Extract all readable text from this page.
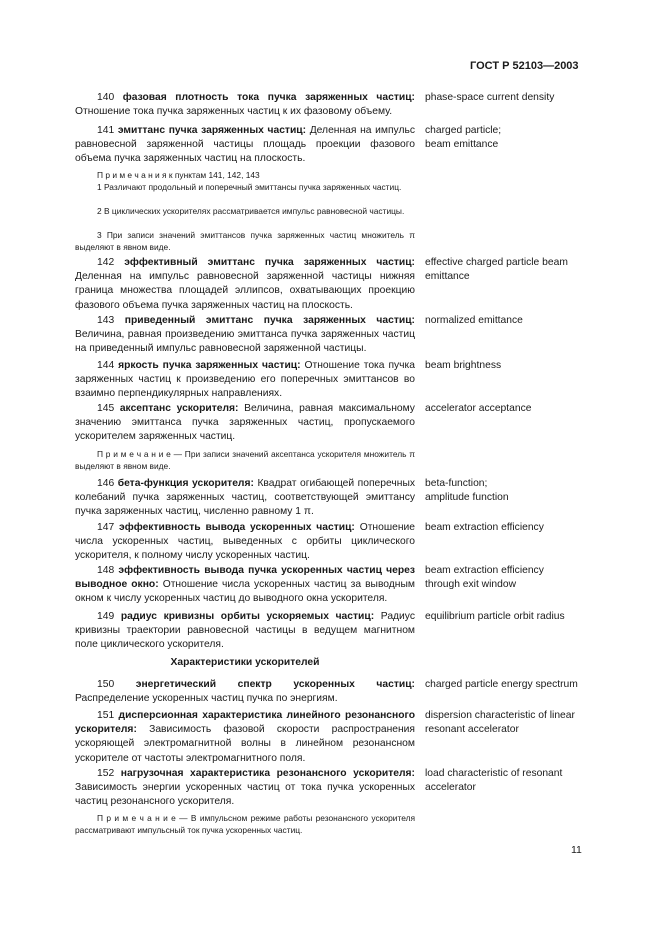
ГОСТ Р 52103—2003
140 фазовая плотность тока пучка заряженных частиц: Отношение тока пучка заряженных частиц к их фазовому объему.
phase-space current density
141 эмиттанс пучка заряженных частиц: Деленная на импульс равновесной заряженной частицы площадь проекции фазового объема пучка заряженных частиц на плоскость.
charged particle;
beam emittance
П р и м е ч а н и я к пунктам 141, 142, 143
1 Различают продольный и поперечный эмиттансы пучка заряженных частиц.
2 В циклических ускорителях рассматривается импульс равновесной частицы.
3 При записи значений эмиттансов пучка заряженных частиц множитель π выделяют в явном виде.
142 эффективный эмиттанс пучка заряженных частиц: Деленная на импульс равновесной заряженной частицы нижняя граница множества площадей эллипсов, охватывающих проекцию фазового объема пучка заряженных частиц на плоскость.
effective charged particle beam emittance
143 приведенный эмиттанс пучка заряженных частиц: Величина, равная произведению эмиттанса пучка заряженных частиц на приведенный импульс равновесной заряженной частицы.
normalized emittance
144 яркость пучка заряженных частиц: Отношение тока пучка заряженных частиц к произведению его поперечных эмиттансов во взаимно перпендикулярных направлениях.
beam brightness
145 аксептанс ускорителя: Величина, равная максимальному значению эмиттанса пучка заряженных частиц, пропускаемого ускорителем заряженных частиц.
accelerator acceptance
П р и м е ч а н и е — При записи значений аксептанса ускорителя множитель π выделяют в явном виде.
146 бета-функция ускорителя: Квадрат огибающей поперечных колебаний пучка заряженных частиц, соответствующей эмиттансу пучка заряженных частиц, численно равному 1 π.
beta-function;
amplitude function
147 эффективность вывода ускоренных частиц: Отношение числа ускоренных частиц, выведенных с орбиты циклического ускорителя, к полному числу ускоренных частиц.
beam extraction efficiency
148 эффективность вывода пучка ускоренных частиц через выводное окно: Отношение числа ускоренных частиц за выводным окном к числу ускоренных частиц до выводного окна ускорителя.
beam extraction efficiency
through exit window
149 радиус кривизны орбиты ускоряемых частиц: Радиус кривизны траектории равновесной частицы в ведущем магнитном поле циклического ускорителя.
equilibrium particle orbit radius
Характеристики ускорителей
150 энергетический спектр ускоренных частиц: Распределение ускоренных частиц пучка по энергиям.
charged particle energy spectrum
151 дисперсионная характеристика линейного резонансного ускорителя: Зависимость фазовой скорости распространения ускоряющей электромагнитной волны в линейном резонансном ускорителе от частоты электромагнитного поля.
dispersion characteristic of linear resonant accelerator
152 нагрузочная характеристика резонансного ускорителя: Зависимость энергии ускоренных частиц от тока пучка ускоренных частиц резонансного ускорителя.
load characteristic of resonant accelerator
П р и м е ч а н и е — В импульсном режиме работы резонансного ускорителя рассматривают импульсный ток пучка ускоренных частиц.
11
